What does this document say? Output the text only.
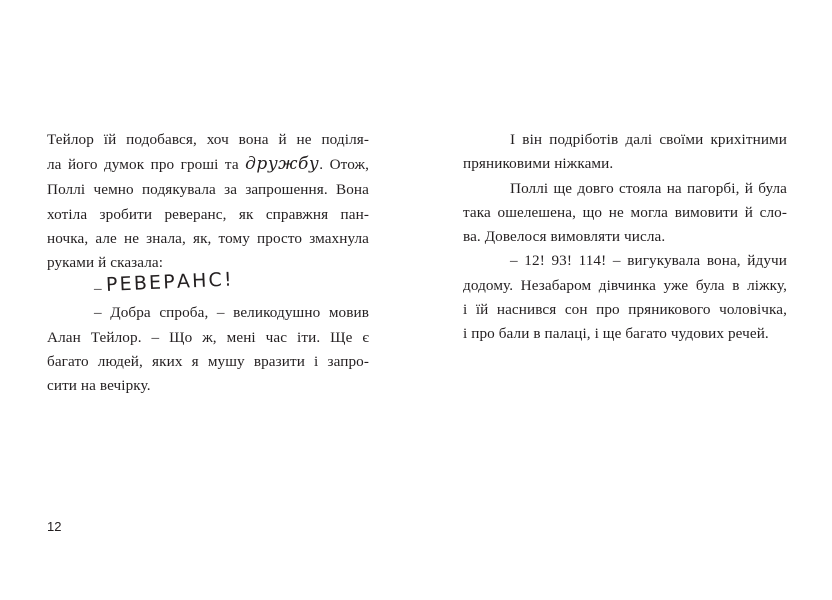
Тейлор їй подобався, хоч вона й не поділя-
ла його думок про гроші та дружбу. Отож,
Поллі чемно подякувала за запрошення. Вона
хотіла зробити реверанс, як справжня пан-
ночка, але не знала, як, тому просто змахнула
руками й сказала:
– РЕВЕРАНС!
– Добра спроба, – великодушно мовив
Алан Тейлор. – Що ж, мені час іти. Ще є
багато людей, яких я мушу вразити і запро-
сити на вечірку.
12
І він подріботів далі своїми крихітними
пряниковими ніжками.
Поллі ще довго стояла на пагорбі, й була
така ошелешена, що не могла вимовити й сло-
ва. Довелося вимовляти числа.
– 12! 93! 114! – вигукувала вона, йдучи
додому. Незабаром дівчинка уже була в ліжку,
і їй наснився сон про пряникового чоловічка,
і про бали в палаці, і ще багато чудових речей.
